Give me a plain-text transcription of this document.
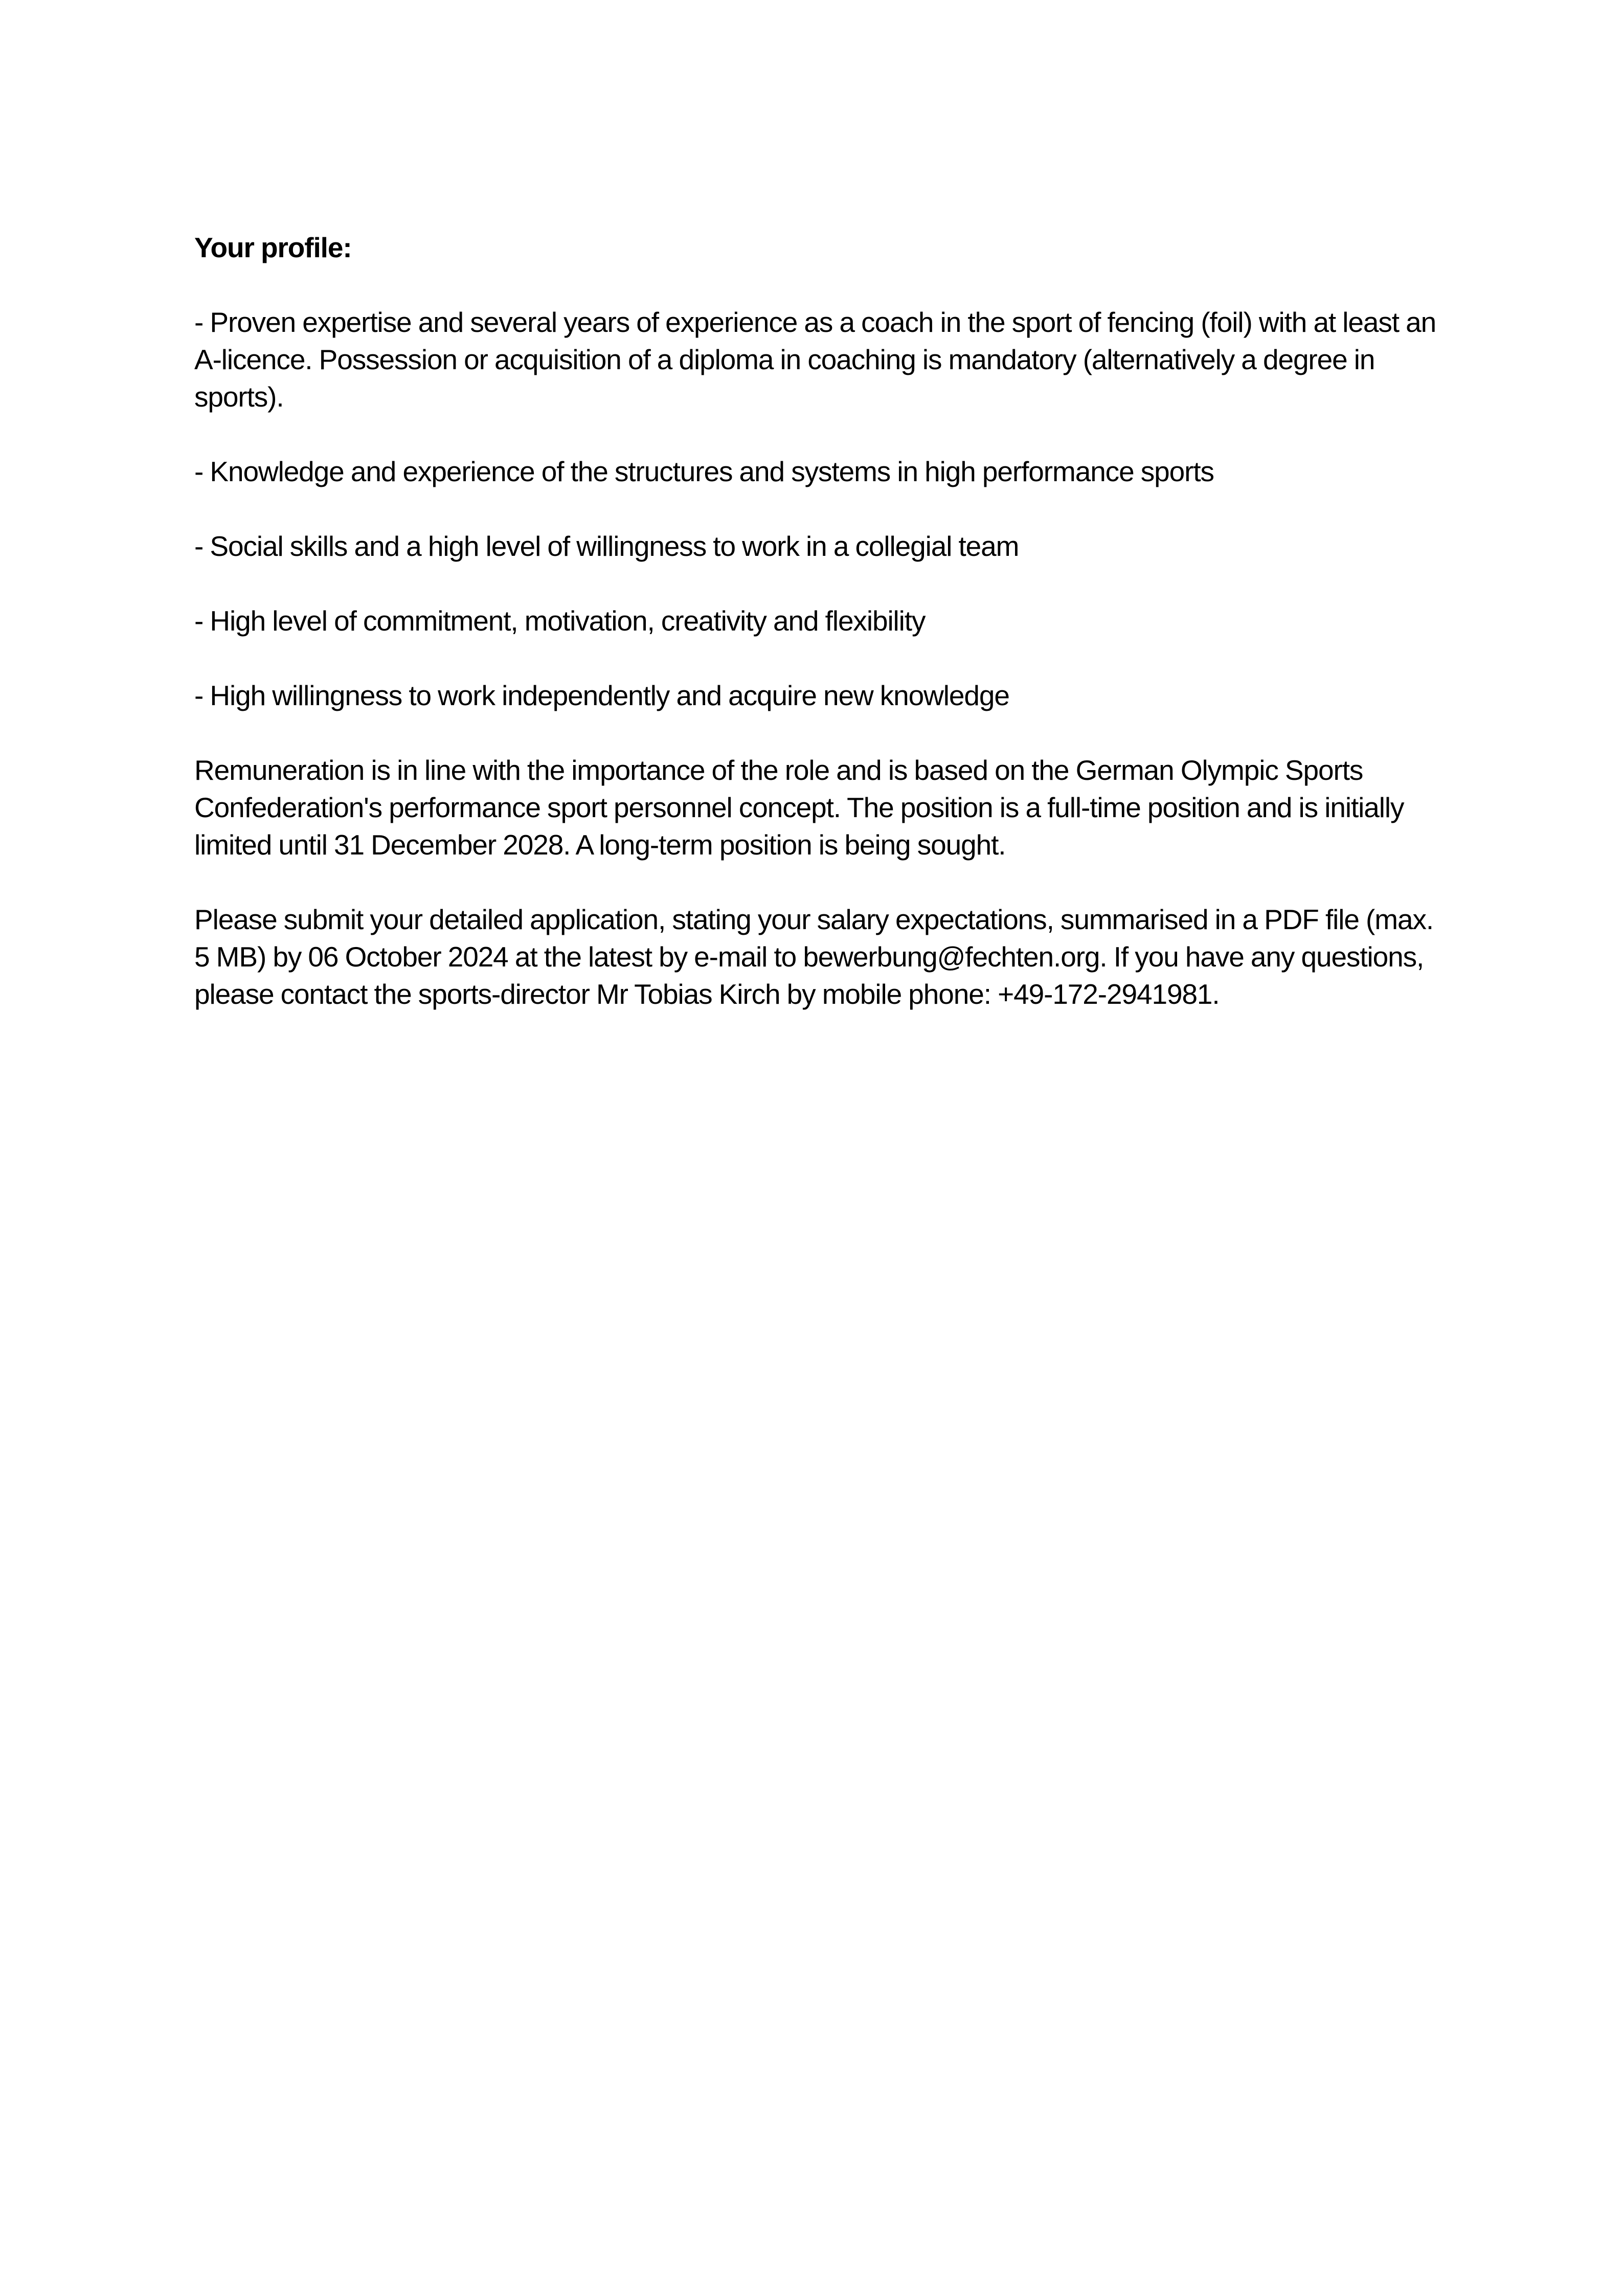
Your profile:

- Proven expertise and several years of experience as a coach in the sport of fencing (foil) with at least an A-licence. Possession or acquisition of a diploma in coaching is mandatory (alternatively a degree in sports).

- Knowledge and experience of the structures and systems in high performance sports

- Social skills and a high level of willingness to work in a collegial team

- High level of commitment, motivation, creativity and flexibility

- High willingness to work independently and acquire new knowledge

Remuneration is in line with the importance of the role and is based on the German Olympic Sports Confederation's performance sport personnel concept. The position is a full-time position and is initially limited until 31 December 2028. A long-term position is being sought.

Please submit your detailed application, stating your salary expectations, summarised in a PDF file (max. 5 MB) by 06 October 2024 at the latest by e-mail to bewerbung@fechten.org. If you have any questions, please contact the sports-director Mr Tobias Kirch by mobile phone: +49-172-2941981.
